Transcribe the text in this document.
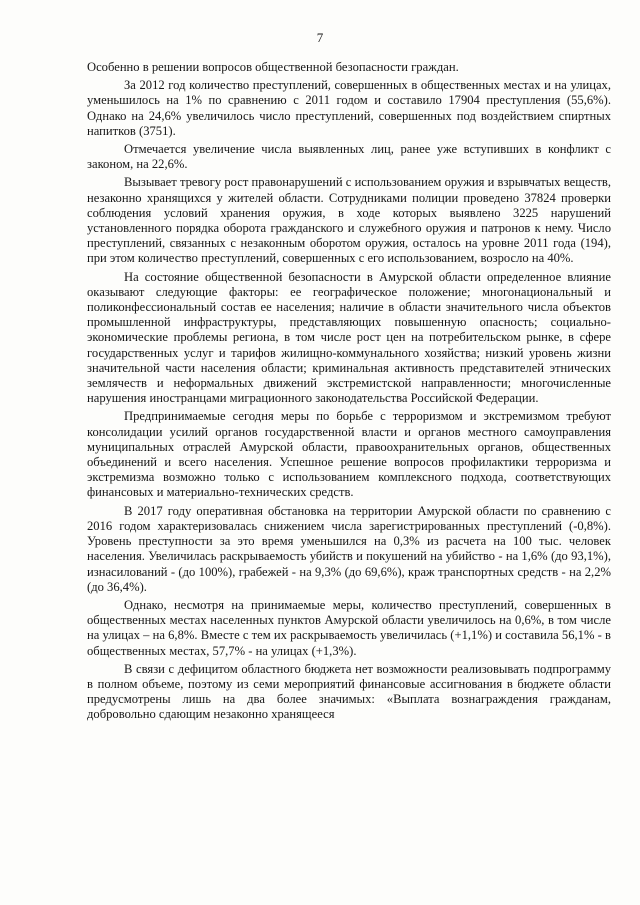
7

Особенно в решении вопросов общественной безопасности граждан.

За 2012 год количество преступлений, совершенных в общественных местах и на улицах, уменьшилось на 1% по сравнению с 2011 годом и составило 17904 преступления (55,6%). Однако на 24,6% увеличилось число преступлений, совершенных под воздействием спиртных напитков (3751).

Отмечается увеличение числа выявленных лиц, ранее уже вступивших в конфликт с законом, на 22,6%.

Вызывает тревогу рост правонарушений с использованием оружия и взрывчатых веществ, незаконно хранящихся у жителей области. Сотрудниками полиции проведено 37824 проверки соблюдения условий хранения оружия, в ходе которых выявлено 3225 нарушений установленного порядка оборота гражданского и служебного оружия и патронов к нему. Число преступлений, связанных с незаконным оборотом оружия, осталось на уровне 2011 года (194), при этом количество преступлений, совершенных с его использованием, возросло на 40%.

На состояние общественной безопасности в Амурской области определенное влияние оказывают следующие факторы: ее географическое положение; многонациональный и поликонфессиональный состав ее населения; наличие в области значительного числа объектов промышленной инфраструктуры, представляющих повышенную опасность; социально-экономические проблемы региона, в том числе рост цен на потребительском рынке, в сфере государственных услуг и тарифов жилищно-коммунального хозяйства; низкий уровень жизни значительной части населения области; криминальная активность представителей этнических землячеств и неформальных движений экстремистской направленности; многочисленные нарушения иностранцами миграционного законодательства Российской Федерации.

Предпринимаемые сегодня меры по борьбе с терроризмом и экстремизмом требуют консолидации усилий органов государственной власти и органов местного самоуправления муниципальных отраслей Амурской области, правоохранительных органов, общественных объединений и всего населения. Успешное решение вопросов профилактики терроризма и экстремизма возможно только с использованием комплексного подхода, соответствующих финансовых и материально-технических средств.

В 2017 году оперативная обстановка на территории Амурской области по сравнению с 2016 годом характеризовалась снижением числа зарегистрированных преступлений (-0,8%). Уровень преступности за это время уменьшился на 0,3% из расчета на 100 тыс. человек населения. Увеличилась раскрываемость убийств и покушений на убийство - на 1,6% (до 93,1%), изнасилований - (до 100%), грабежей - на 9,3% (до 69,6%), краж транспортных средств - на 2,2% (до 36,4%).

Однако, несмотря на принимаемые меры, количество преступлений, совершенных в общественных местах населенных пунктов Амурской области увеличилось на 0,6%, в том числе на улицах – на 6,8%. Вместе с тем их раскрываемость увеличилась (+1,1%) и составила 56,1% - в общественных местах, 57,7% - на улицах (+1,3%).

В связи с дефицитом областного бюджета нет возможности реализовывать подпрограмму в полном объеме, поэтому из семи мероприятий финансовые ассигнования в бюджете области предусмотрены лишь на два более значимых: «Выплата вознаграждения гражданам, добровольно сдающим незаконно хранящееся
